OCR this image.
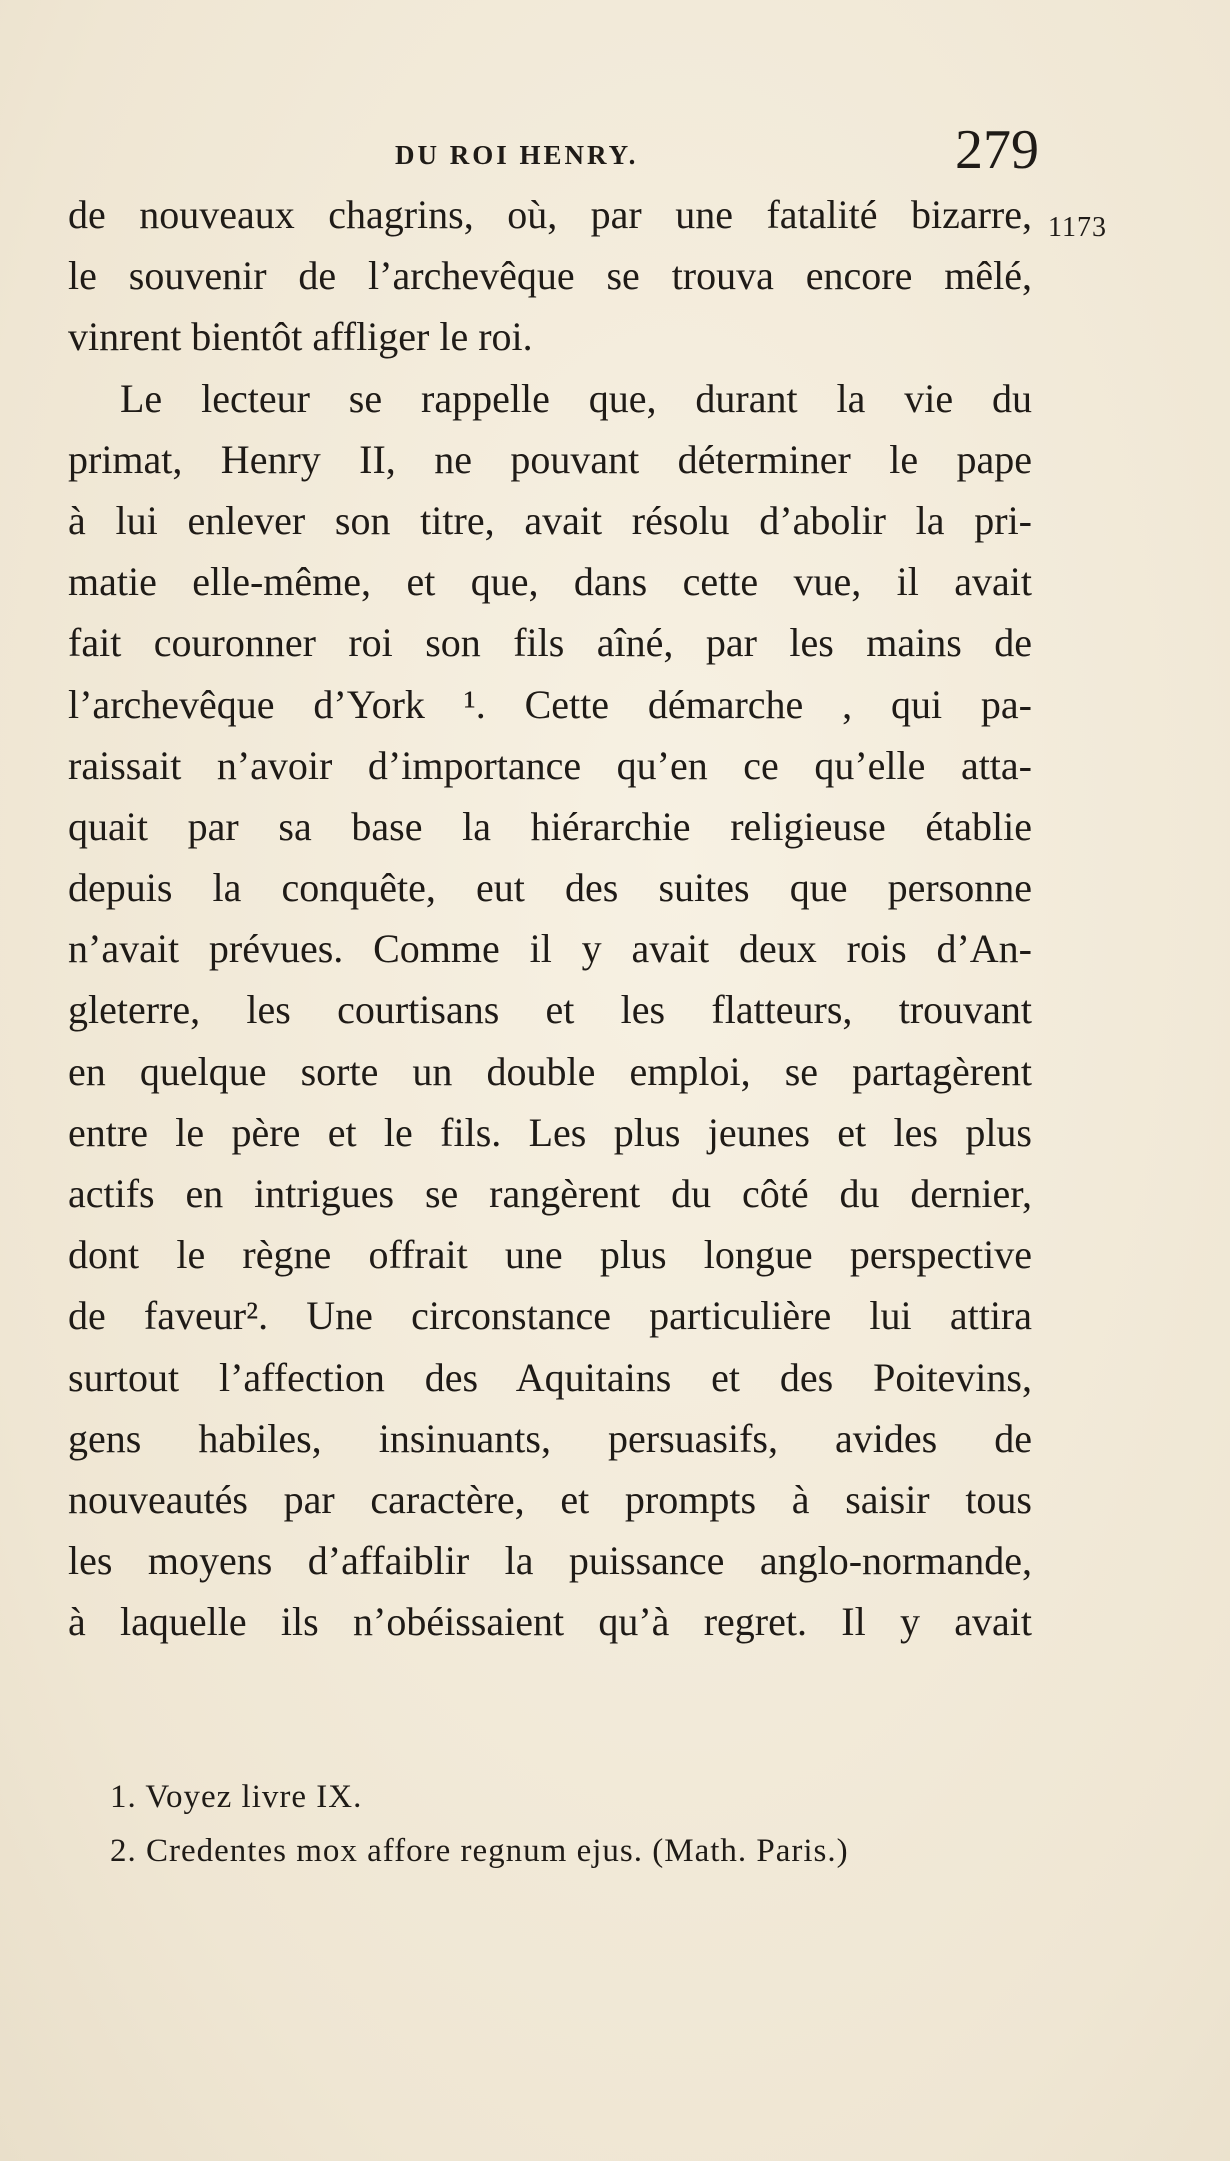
DU ROI HENRY.	279
1173
de nouveaux chagrins, où, par une fatalité bizarre,
le souvenir de l’archevêque se trouva encore mêlé,
vinrent bientôt affliger le roi.
Le lecteur se rappelle que, durant la vie du
primat, Henry II, ne pouvant déterminer le pape
à lui enlever son titre, avait résolu d’abolir la pri-
matie elle-même, et que, dans cette vue, il avait
fait couronner roi son fils aîné, par les mains de
l’archevêque d’York ¹. Cette démarche , qui pa-
raissait n’avoir d’importance qu’en ce qu’elle atta-
quait par sa base la hiérarchie religieuse établie
depuis la conquête, eut des suites que personne
n’avait prévues. Comme il y avait deux rois d’An-
gleterre, les courtisans et les flatteurs, trouvant
en quelque sorte un double emploi, se partagèrent
entre le père et le fils. Les plus jeunes et les plus
actifs en intrigues se rangèrent du côté du dernier,
dont le règne offrait une plus longue perspective
de faveur². Une circonstance particulière lui attira
surtout l’affection des Aquitains et des Poitevins,
gens habiles, insinuants, persuasifs, avides de
nouveautés par caractère, et prompts à saisir tous
les moyens d’affaiblir la puissance anglo-normande,
à laquelle ils n’obéissaient qu’à regret. Il y avait
1. Voyez livre IX.
2. Credentes mox affore regnum ejus. (Math. Paris.)
